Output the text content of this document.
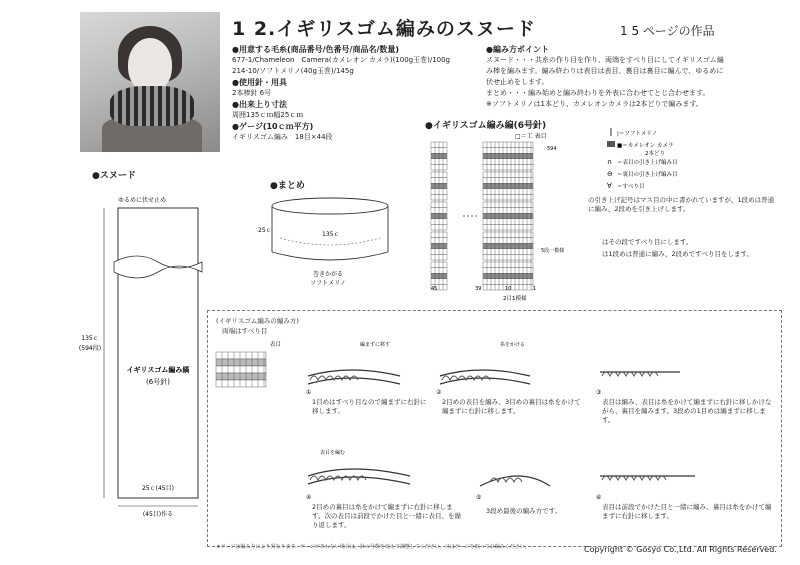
1 2.イギリスゴム編みのスヌード	1 5 ページの作品
●用意する毛糸(商品番号/色番号/商品名/数量)
677-1/Chameleon　Camera(カメレオン カメラ)(100g玉巻)/100g
214-10/ソフトメリノ(40g玉巻)/145g
●使用針・用具
2本棒針 6号
●出来上り寸法
周囲135ｃｍ幅25ｃｍ
●ゲージ(10ｃｍ平方)
イギリスゴム編み　18目×44段
●編み方ポイント
スヌード・・・共糸の作り目を作り、両端をすべり目にしてイギリスゴム編み棒を編みます。編み終わりは表目は表目、裏目は裏目に編んで、ゆるめに伏せ止めをします。
まとめ・・・編み始めと編み終わりを外表に合わせてとじ合わせます。
※ソフトメリノは1本どり、カメレオンカメラは2本どりで編みます。
●スヌード
●まとめ
●イギリスゴム編み編(6号針)
ゆるめに伏せ止め
135ｃ
(594段)
イギリスゴム編み縞
(6号針)
25ｃ(45目)
(45目)作る
25ｃ
135ｃ
巻きかがる
ソフトメリノ
□＝工 表目
594
5段一模様
45	39	10	1
2目1模様
|＝ソフトメリノ
■＝カメレオン カメラ
2本どり
∩ ＝表目の引き上げ編み目
⊖ ＝裏目の引き上げ編み目
∀ ＝すべり目
の引き上げ記号はマス目の中に書かれていますが、1段めは普通に編み、2段めを引き上げします。
はその段ですべり目にします。
は1段めは普通に編み、2段めですべり目をします。
(イギリスゴム編みの編み方)
両端はすべり目
表目	編まずに移す	糸をかける
①	②	③
表目を編む
④	⑤	⑥
1目めはすべり目なので編まずに右針に移します。
2目めの表目を編み、3目めの裏目は糸をかけて編まずに右針に移します。
表目は編み、表目は糸をかけて編まずに右針に移しかけながら、裏目を編みます。3段めの1目めは編まずに移します。
2目めの裏目は糸をかけて編まずに右針に移します。次の表目は前段でかけた目と一緒に表目、を繰り返します。
3段め最後の編み方です。	表目は前段でかけた目と一緒に編み、裏目は糸をかけて編まずに右針に移します。
★ゲージは編み方により異なります。ゲージがあわない場合は、針の号数を変えて調整してください。又はゲージを取ってお編みください。	Copyright © Gosyo Co.,Ltd. All Rights Reserved.
